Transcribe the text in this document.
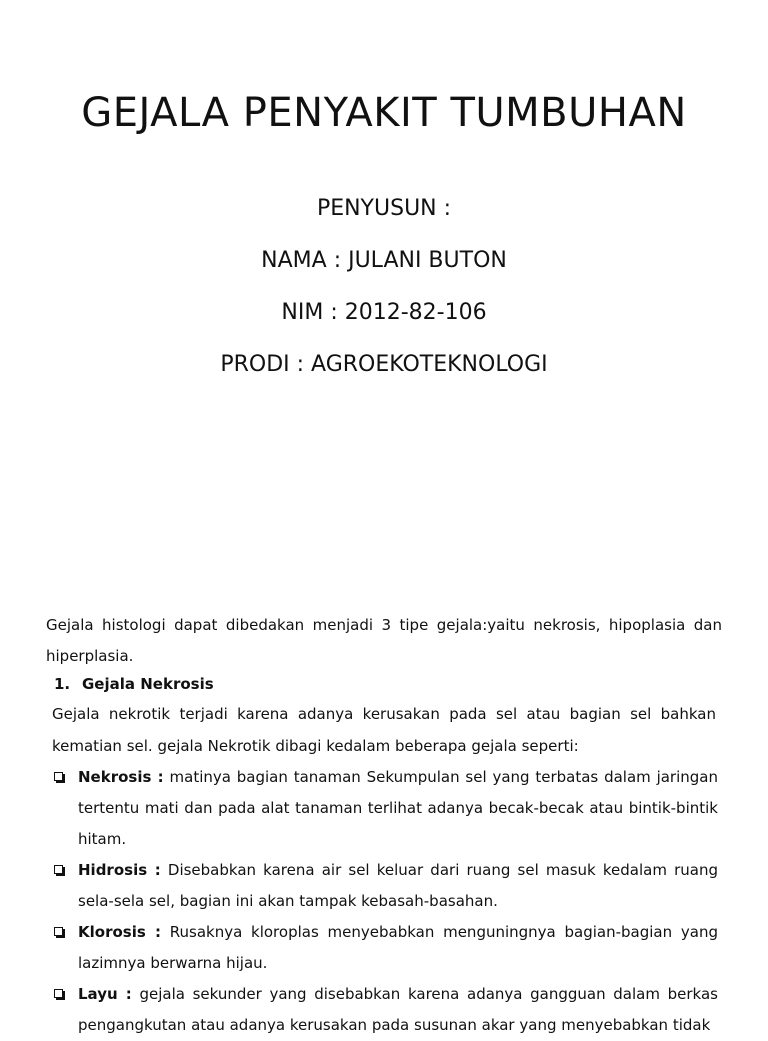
GEJALA PENYAKIT TUMBUHAN

PENYUSUN :

NAMA : JULANI BUTON

NIM : 2012-82-106

PRODI : AGROEKOTEKNOLOGI

Gejala histologi dapat dibedakan menjadi 3 tipe gejala:yaitu nekrosis, hipoplasia dan hiperplasia.

1. Gejala Nekrosis

Gejala nekrotik terjadi karena adanya kerusakan pada sel atau bagian sel bahkan kematian sel. gejala Nekrotik dibagi kedalam beberapa gejala seperti:

Nekrosis : matinya bagian tanaman Sekumpulan sel yang terbatas dalam jaringan tertentu mati dan pada alat tanaman terlihat adanya becak-becak atau bintik-bintik hitam.
Hidrosis : Disebabkan karena air sel keluar dari ruang sel masuk kedalam ruang sela-sela sel, bagian ini akan tampak kebasah-basahan.
Klorosis : Rusaknya kloroplas menyebabkan menguningnya bagian-bagian yang lazimnya berwarna hijau.
Layu : gejala sekunder yang disebabkan karena adanya gangguan dalam berkas pengangkutan atau adanya kerusakan pada susunan akar yang menyebabkan tidak
